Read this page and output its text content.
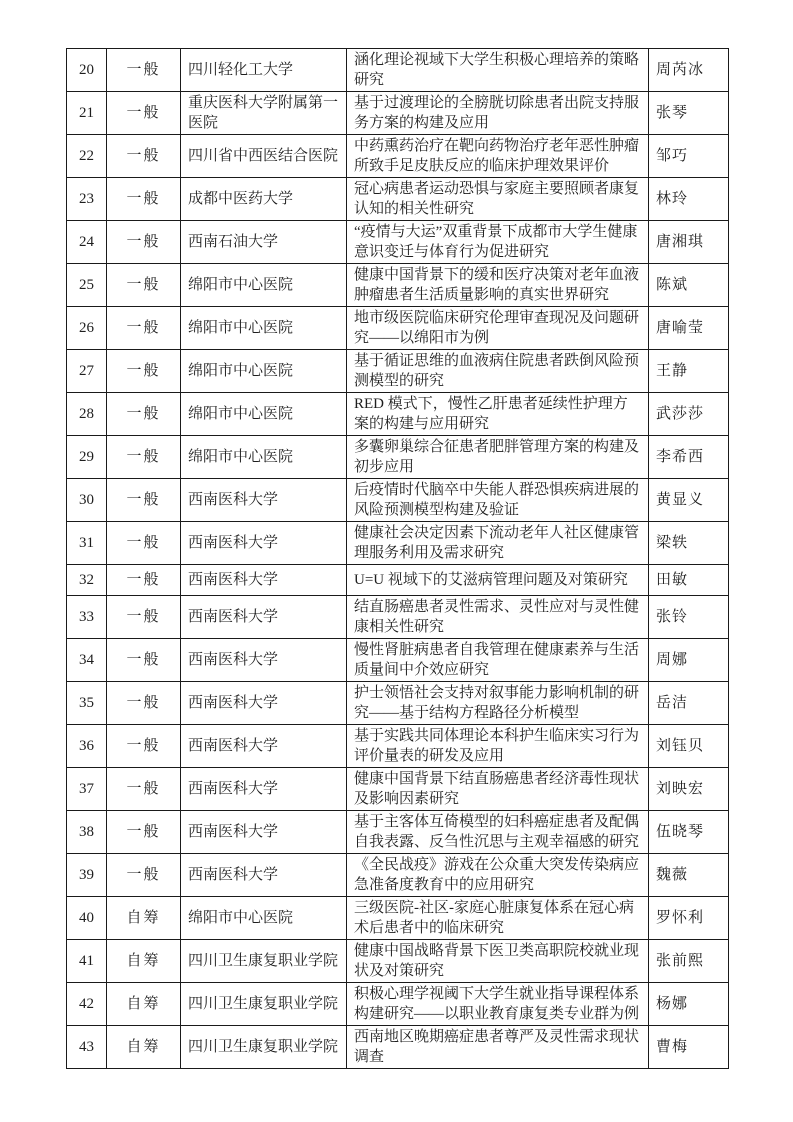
20	一般	四川轻化工大学	涵化理论视域下大学生积极心理培养的策略研究	周芮冰
21	一般	重庆医科大学附属第一医院	基于过渡理论的全膀胱切除患者出院支持服务方案的构建及应用	张琴
22	一般	四川省中西医结合医院	中药熏药治疗在靶向药物治疗老年恶性肿瘤所致手足皮肤反应的临床护理效果评价	邹巧
23	一般	成都中医药大学	冠心病患者运动恐惧与家庭主要照顾者康复认知的相关性研究	林玲
24	一般	西南石油大学	“疫情与大运”双重背景下成都市大学生健康意识变迁与体育行为促进研究	唐湘琪
25	一般	绵阳市中心医院	健康中国背景下的缓和医疗决策对老年血液肿瘤患者生活质量影响的真实世界研究	陈斌
26	一般	绵阳市中心医院	地市级医院临床研究伦理审查现况及问题研究——以绵阳市为例	唐喻莹
27	一般	绵阳市中心医院	基于循证思维的血液病住院患者跌倒风险预测模型的研究	王静
28	一般	绵阳市中心医院	RED 模式下，慢性乙肝患者延续性护理方案的构建与应用研究	武莎莎
29	一般	绵阳市中心医院	多囊卵巢综合征患者肥胖管理方案的构建及初步应用	李希西
30	一般	西南医科大学	后疫情时代脑卒中失能人群恐惧疾病进展的风险预测模型构建及验证	黄显义
31	一般	西南医科大学	健康社会决定因素下流动老年人社区健康管理服务利用及需求研究	梁轶
32	一般	西南医科大学	U=U 视域下的艾滋病管理问题及对策研究	田敏
33	一般	西南医科大学	结直肠癌患者灵性需求、灵性应对与灵性健康相关性研究	张铃
34	一般	西南医科大学	慢性肾脏病患者自我管理在健康素养与生活质量间中介效应研究	周娜
35	一般	西南医科大学	护士领悟社会支持对叙事能力影响机制的研究——基于结构方程路径分析模型	岳洁
36	一般	西南医科大学	基于实践共同体理论本科护生临床实习行为评价量表的研发及应用	刘钰贝
37	一般	西南医科大学	健康中国背景下结直肠癌患者经济毒性现状及影响因素研究	刘映宏
38	一般	西南医科大学	基于主客体互倚模型的妇科癌症患者及配偶自我表露、反刍性沉思与主观幸福感的研究	伍晓琴
39	一般	西南医科大学	《全民战疫》游戏在公众重大突发传染病应急准备度教育中的应用研究	魏薇
40	自筹	绵阳市中心医院	三级医院-社区-家庭心脏康复体系在冠心病术后患者中的临床研究	罗怀利
41	自筹	四川卫生康复职业学院	健康中国战略背景下医卫类高职院校就业现状及对策研究	张前熙
42	自筹	四川卫生康复职业学院	积极心理学视阈下大学生就业指导课程体系构建研究——以职业教育康复类专业群为例	杨娜
43	自筹	四川卫生康复职业学院	西南地区晚期癌症患者尊严及灵性需求现状调查	曹梅
